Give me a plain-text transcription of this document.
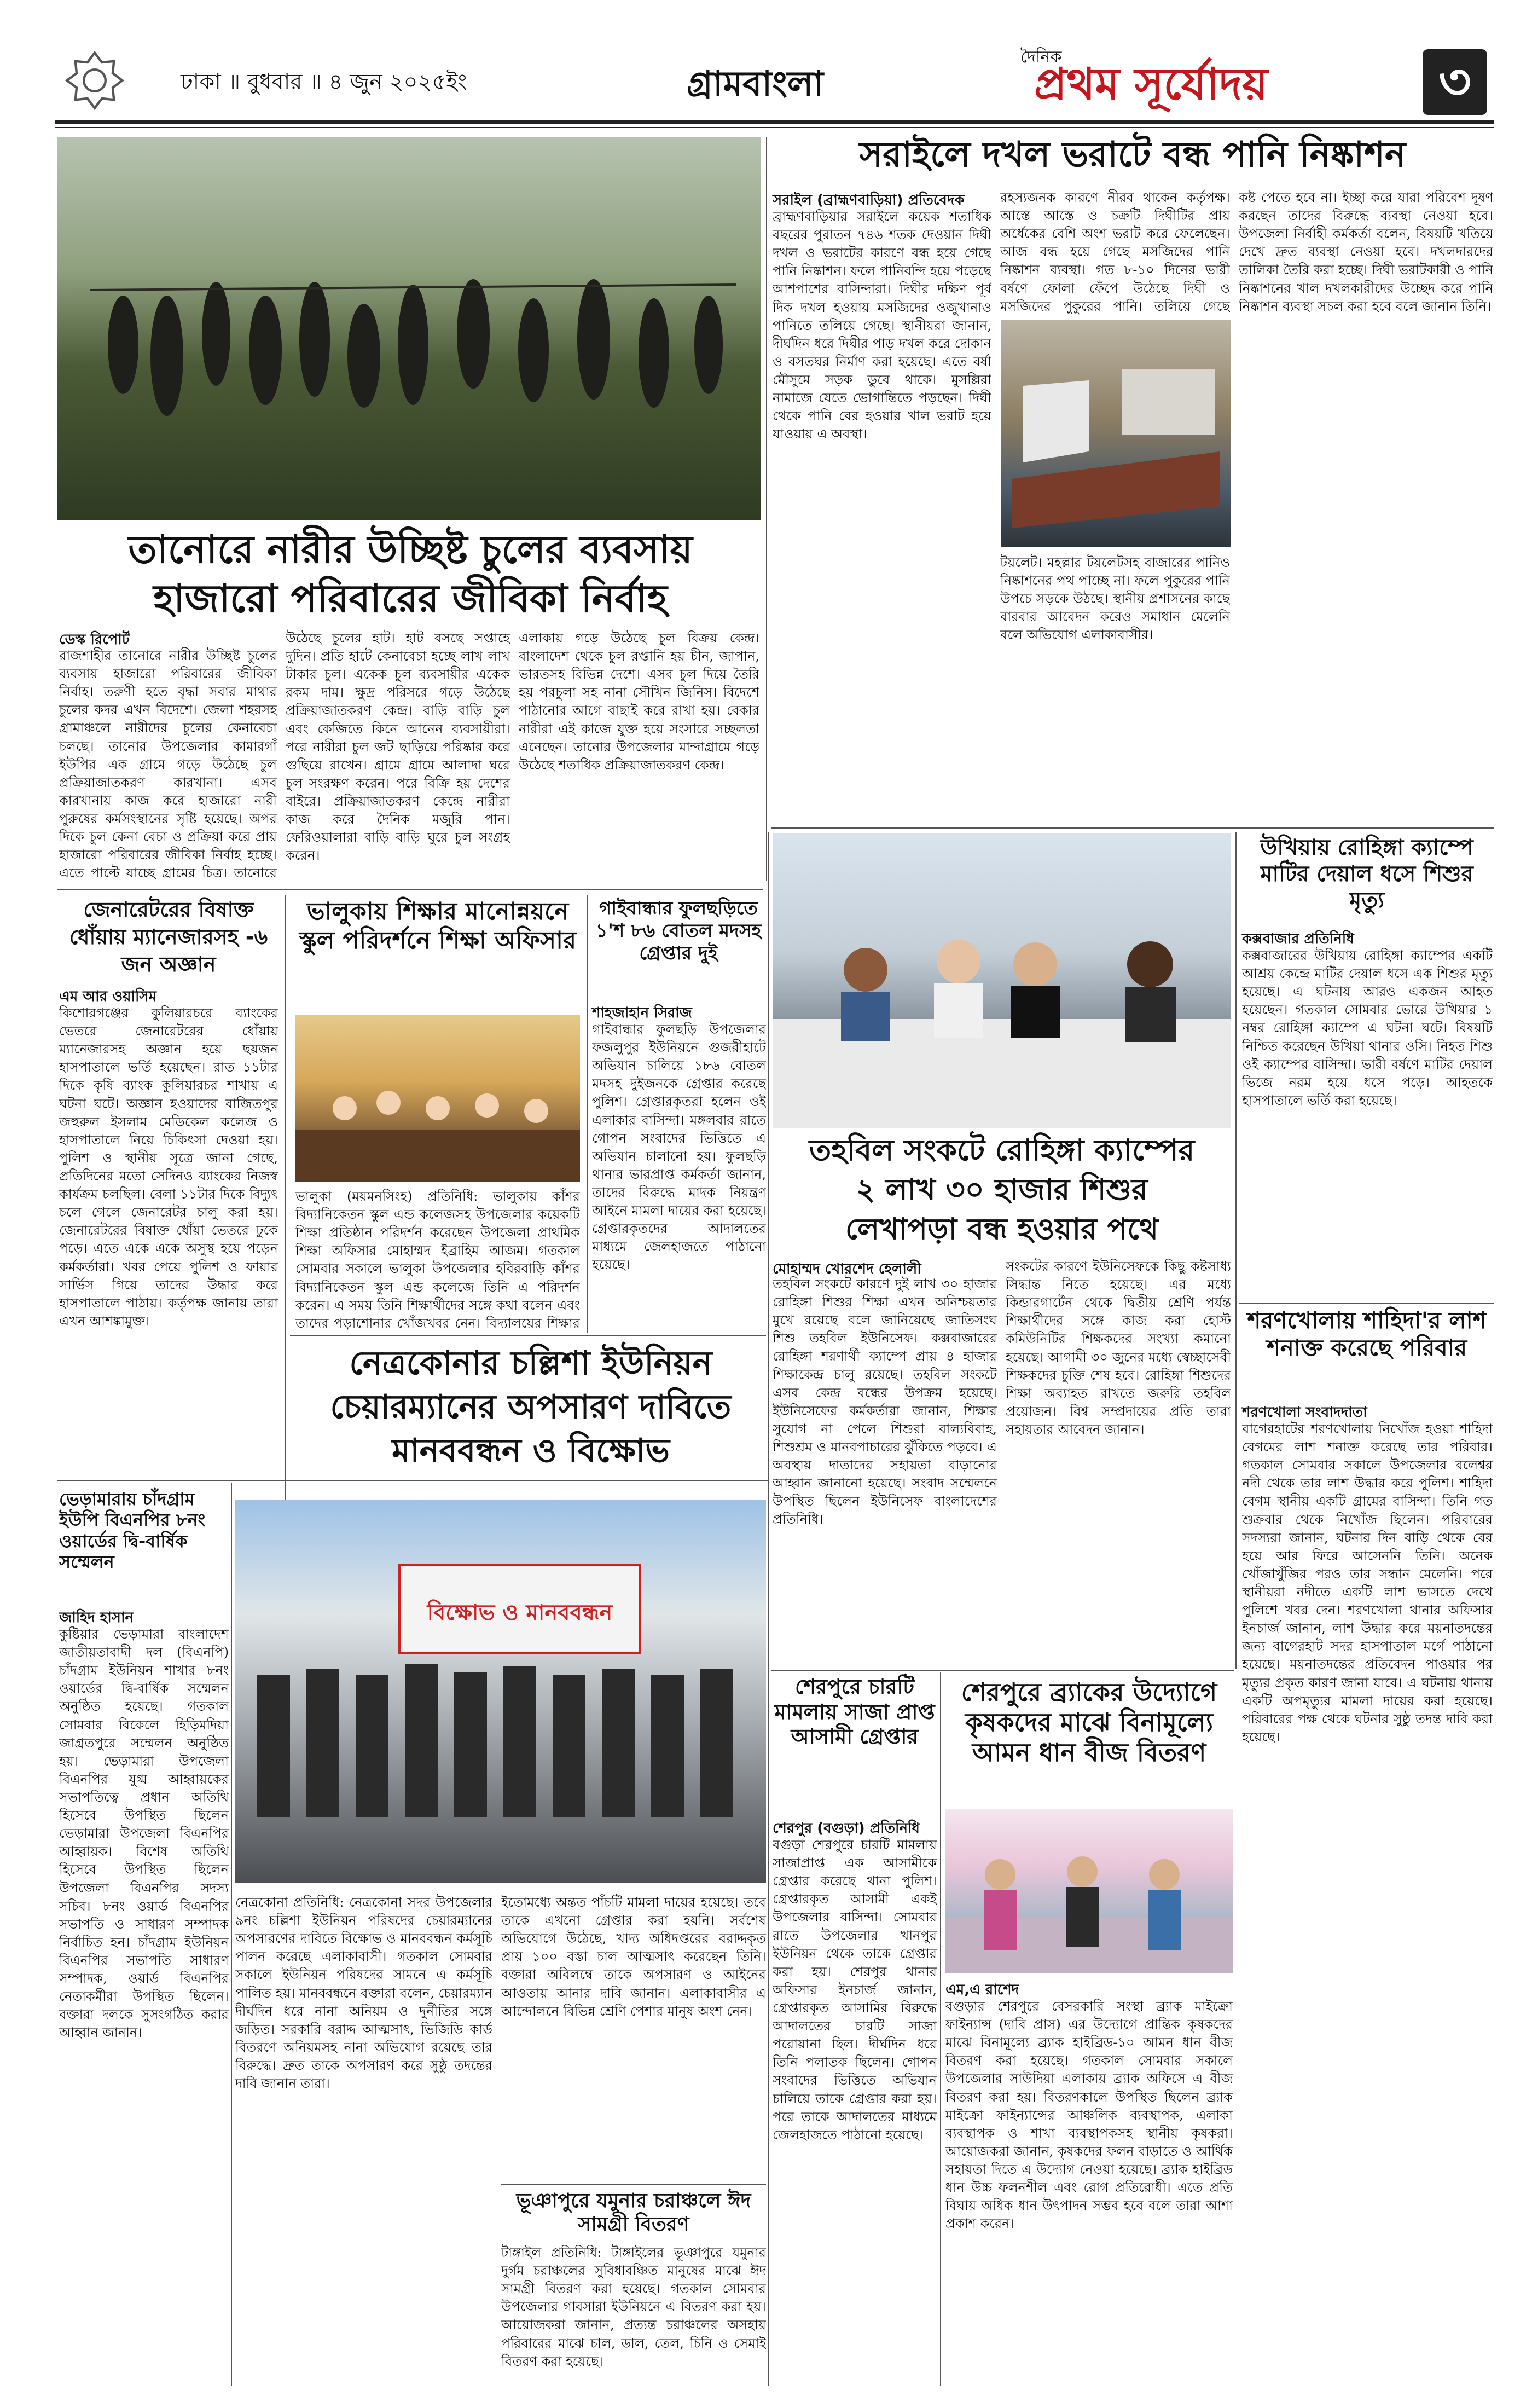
ঢাকা ॥ বুধবার ॥ ৪ জুন ২০২৫ইং	গ্রামবাংলা
দৈনিক
প্রথম সূর্যোদয়	৩
তানোরে নারীর উচ্ছিষ্ট চুলের ব্যবসায়
হাজারো পরিবারের জীবিকা নির্বাহ
ডেস্ক রিপোর্ট
রাজশাহীর তানোরে নারীর উচ্ছিষ্ট চুলের ব্যবসায় হাজারো পরিবারের জীবিকা নির্বাহ। তরুণী হতে বৃদ্ধা সবার মাথার চুলের কদর এখন বিদেশে। জেলা শহরসহ গ্রামাঞ্চলে নারীদের চুলের কেনাবেচা চলছে। তানোর উপজেলার কামারগাঁ ইউপির এক গ্রামে গড়ে উঠেছে চুল প্রক্রিয়াজাতকরণ কারখানা। এসব কারখানায় কাজ করে হাজারো নারী পুরুষের কর্মসংস্থানের সৃষ্টি হয়েছে। অপর দিকে চুল কেনা বেচা ও প্রক্রিয়া করে প্রায় হাজারো পরিবারের জীবিকা নির্বাহ হচ্ছে। এতে পাল্টে যাচ্ছে গ্রামের চিত্র। তানোরে
উঠেছে চুলের হাট। হাট বসছে সপ্তাহে দুদিন। প্রতি হাটে কেনাবেচা হচ্ছে লাখ লাখ টাকার চুল। একেক চুল ব্যবসায়ীর একেক রকম দাম। ক্ষুদ্র পরিসরে গড়ে উঠেছে প্রক্রিয়াজাতকরণ কেন্দ্র। বাড়ি বাড়ি চুল এবং কেজিতে কিনে আনেন ব্যবসায়ীরা। পরে নারীরা চুল জট ছাড়িয়ে পরিষ্কার করে গুছিয়ে রাখেন। গ্রামে গ্রামে আলাদা ঘরে চুল সংরক্ষণ করেন। পরে বিক্রি হয় দেশের বাইরে। প্রক্রিয়াজাতকরণ কেন্দ্রে নারীরা কাজ করে দৈনিক মজুরি পান। ফেরিওয়ালারা বাড়ি বাড়ি ঘুরে চুল সংগ্রহ করেন।
এলাকায় গড়ে উঠেছে চুল বিক্রয় কেন্দ্র। বাংলাদেশ থেকে চুল রপ্তানি হয় চীন, জাপান, ভারতসহ বিভিন্ন দেশে। এসব চুল দিয়ে তৈরি হয় পরচুলা সহ নানা সৌখিন জিনিস। বিদেশে পাঠানোর আগে বাছাই করে রাখা হয়। বেকার নারীরা এই কাজে যুক্ত হয়ে সংসারে সচ্ছলতা এনেছেন। তানোর উপজেলার মান্দাগ্রামে গড়ে উঠেছে শতাধিক প্রক্রিয়াজাতকরণ কেন্দ্র।
সরাইলে দখল ভরাটে বন্ধ পানি নিষ্কাশন
সরাইল (ব্রাহ্মণবাড়িয়া) প্রতিবেদক
ব্রাহ্মণবাড়িয়ার সরাইলে কয়েক শতাধিক বছরের পুরাতন ৭৪৬ শতক দেওয়ান দিঘী দখল ও ভরাটের কারণে বন্ধ হয়ে গেছে পানি নিষ্কাশন। ফলে পানিবন্দি হয়ে পড়েছে আশপাশের বাসিন্দারা। দিঘীর দক্ষিণ পূর্ব দিক দখল হওয়ায় মসজিদের ওজুখানাও পানিতে তলিয়ে গেছে। স্থানীয়রা জানান, দীর্ঘদিন ধরে দিঘীর পাড় দখল করে দোকান ও বসতঘর নির্মাণ করা হয়েছে। এতে বর্ষা মৌসুমে সড়ক ডুবে থাকে। মুসল্লিরা নামাজে যেতে ভোগান্তিতে পড়ছেন। দিঘী থেকে পানি বের হওয়ার খাল ভরাট হয়ে যাওয়ায় এ অবস্থা।
রহস্যজনক কারণে নীরব থাকেন কর্তৃপক্ষ। আস্তে আস্তে ও চক্রটি দিঘীটির প্রায় অর্ধেকের বেশি অংশ ভরাট করে ফেলেছেন। আজ বন্ধ হয়ে গেছে মসজিদের পানি নিষ্কাশন ব্যবস্থা। গত ৮-১০ দিনের ভারী বর্ষণে ফোলা ফেঁপে উঠেছে দিঘী ও মসজিদের পুকুরের পানি। তলিয়ে গেছে
টয়লেট। মহল্লার টয়লেটসহ বাজারের পানিও নিষ্কাশনের পথ পাচ্ছে না। ফলে পুকুরের পানি উপচে সড়কে উঠছে। স্থানীয় প্রশাসনের কাছে বারবার আবেদন করেও সমাধান মেলেনি বলে অভিযোগ এলাকাবাসীর।
কষ্ট পেতে হবে না। ইচ্ছা করে যারা পরিবেশ দূষণ করছেন তাদের বিরুদ্ধে ব্যবস্থা নেওয়া হবে। উপজেলা নির্বাহী কর্মকর্তা বলেন, বিষয়টি খতিয়ে দেখে দ্রুত ব্যবস্থা নেওয়া হবে। দখলদারদের তালিকা তৈরি করা হচ্ছে। দিঘী ভরাটকারী ও পানি নিষ্কাশনের খাল দখলকারীদের উচ্ছেদ করে পানি নিষ্কাশন ব্যবস্থা সচল করা হবে বলে জানান তিনি।
উখিয়ায় রোহিঙ্গা ক্যাম্পে মাটির দেয়াল ধসে শিশুর মৃত্যু
কক্সবাজার প্রতিনিধি
কক্সবাজারের উখিয়ায় রোহিঙ্গা ক্যাম্পের একটি আশ্রয় কেন্দ্রে মাটির দেয়াল ধসে এক শিশুর মৃত্যু হয়েছে। এ ঘটনায় আরও একজন আহত হয়েছেন। গতকাল সোমবার ভোরে উখিয়ার ১ নম্বর রোহিঙ্গা ক্যাম্পে এ ঘটনা ঘটে। বিষয়টি নিশ্চিত করেছেন উখিয়া থানার ওসি। নিহত শিশু ওই ক্যাম্পের বাসিন্দা। ভারী বর্ষণে মাটির দেয়াল ভিজে নরম হয়ে ধসে পড়ে। আহতকে হাসপাতালে ভর্তি করা হয়েছে।
শরণখোলায় শাহিদা'র লাশ শনাক্ত করেছে পরিবার
শরণখোলা সংবাদদাতা
বাগেরহাটের শরণখোলায় নিখোঁজ হওয়া শাহিদা বেগমের লাশ শনাক্ত করেছে তার পরিবার। গতকাল সোমবার সকালে উপজেলার বলেশ্বর নদী থেকে তার লাশ উদ্ধার করে পুলিশ। শাহিদা বেগম স্থানীয় একটি গ্রামের বাসিন্দা। তিনি গত শুক্রবার থেকে নিখোঁজ ছিলেন। পরিবারের সদস্যরা জানান, ঘটনার দিন বাড়ি থেকে বের হয়ে আর ফিরে আসেননি তিনি। অনেক খোঁজাখুঁজির পরও তার সন্ধান মেলেনি। পরে স্থানীয়রা নদীতে একটি লাশ ভাসতে দেখে পুলিশে খবর দেন। শরণখোলা থানার অফিসার ইনচার্জ জানান, লাশ উদ্ধার করে ময়নাতদন্তের জন্য বাগেরহাট সদর হাসপাতাল মর্গে পাঠানো হয়েছে। ময়নাতদন্তের প্রতিবেদন পাওয়ার পর মৃত্যুর প্রকৃত কারণ জানা যাবে। এ ঘটনায় থানায় একটি অপমৃত্যুর মামলা দায়ের করা হয়েছে। পরিবারের পক্ষ থেকে ঘটনার সুষ্ঠু তদন্ত দাবি করা হয়েছে।
জেনারেটরের বিষাক্ত
ধোঁয়ায় ম্যানেজারসহ -৬
জন অজ্ঞান
এম আর ওয়াসিম
কিশোরগঞ্জের কুলিয়ারচরে ব্যাংকের ভেতরে জেনারেটরের ধোঁয়ায় ম্যানেজারসহ অজ্ঞান হয়ে ছয়জন হাসপাতালে ভর্তি হয়েছেন। রাত ১১টার দিকে কৃষি ব্যাংক কুলিয়ারচর শাখায় এ ঘটনা ঘটে। অজ্ঞান হওয়াদের বাজিতপুর জহুরুল ইসলাম মেডিকেল কলেজ ও হাসপাতালে নিয়ে চিকিৎসা দেওয়া হয়। পুলিশ ও স্থানীয় সূত্রে জানা গেছে, প্রতিদিনের মতো সেদিনও ব্যাংকের নিজস্ব কার্যক্রম চলছিল। বেলা ১১টার দিকে বিদ্যুৎ চলে গেলে জেনারেটর চালু করা হয়। জেনারেটরের বিষাক্ত ধোঁয়া ভেতরে ঢুকে পড়ে। এতে একে একে অসুস্থ হয়ে পড়েন কর্মকর্তারা। খবর পেয়ে পুলিশ ও ফায়ার সার্ভিস গিয়ে তাদের উদ্ধার করে হাসপাতালে পাঠায়। কর্তৃপক্ষ জানায় তারা এখন আশঙ্কামুক্ত।
ভালুকায় শিক্ষার মানোন্নয়নে স্কুল পরিদর্শনে শিক্ষা অফিসার
গাইবান্ধার ফুলছড়িতে ১'শ ৮৬ বোতল মদসহ গ্রেপ্তার দুই
শাহজাহান সিরাজ
গাইবান্ধার ফুলছড়ি উপজেলার ফজলুপুর ইউনিয়নে গুজরীহাটে অভিযান চালিয়ে ১৮৬ বোতল মদসহ দুইজনকে গ্রেপ্তার করেছে পুলিশ। গ্রেপ্তারকৃতরা হলেন ওই এলাকার বাসিন্দা। মঙ্গলবার রাতে গোপন সংবাদের ভিত্তিতে এ অভিযান চালানো হয়। ফুলছড়ি থানার ভারপ্রাপ্ত কর্মকর্তা জানান, তাদের বিরুদ্ধে মাদক নিয়ন্ত্রণ আইনে মামলা দায়ের করা হয়েছে। গ্রেপ্তারকৃতদের আদালতের মাধ্যমে জেলহাজতে পাঠানো হয়েছে।
ভালুকা (ময়মনসিংহ) প্রতিনিধি: ভালুকায় কাঁশর বিদ্যানিকেতন স্কুল এন্ড কলেজসহ উপজেলার কয়েকটি শিক্ষা প্রতিষ্ঠান পরিদর্শন করেছেন উপজেলা প্রাথমিক শিক্ষা অফিসার মোহাম্মদ ইব্রাহিম আজম। গতকাল সোমবার সকালে ভালুকা উপজেলার হবিরবাড়ি কাঁশর বিদ্যানিকেতন স্কুল এন্ড কলেজে তিনি এ পরিদর্শন করেন। এ সময় তিনি শিক্ষার্থীদের সঙ্গে কথা বলেন এবং তাদের পড়াশোনার খোঁজখবর নেন। বিদ্যালয়ের শিক্ষার
তহবিল সংকটে রোহিঙ্গা ক্যাম্পের
২ লাখ ৩০ হাজার শিশুর
লেখাপড়া বন্ধ হওয়ার পথে
মোহাম্মদ খোরশেদ হেলালী
তহবিল সংকটে কারণে দুই লাখ ৩০ হাজার রোহিঙ্গা শিশুর শিক্ষা এখন অনিশ্চয়তার মুখে রয়েছে বলে জানিয়েছে জাতিসংঘ শিশু তহবিল ইউনিসেফ। কক্সবাজারের রোহিঙ্গা শরণার্থী ক্যাম্পে প্রায় ৪ হাজার শিক্ষাকেন্দ্র চালু রয়েছে। তহবিল সংকটে এসব কেন্দ্র বন্ধের উপক্রম হয়েছে। ইউনিসেফের কর্মকর্তারা জানান, শিক্ষার সুযোগ না পেলে শিশুরা বাল্যবিবাহ, শিশুশ্রম ও মানবপাচারের ঝুঁকিতে পড়বে। এ অবস্থায় দাতাদের সহায়তা বাড়ানোর আহ্বান জানানো হয়েছে। সংবাদ সম্মেলনে উপস্থিত ছিলেন ইউনিসেফ বাংলাদেশের প্রতিনিধি।
সংকটের কারণে ইউনিসেফকে কিছু কষ্টসাধ্য সিদ্ধান্ত নিতে হয়েছে। এর মধ্যে কিন্ডারগার্টেন থেকে দ্বিতীয় শ্রেণি পর্যন্ত শিক্ষার্থীদের সঙ্গে কাজ করা হোস্ট কমিউনিটির শিক্ষকদের সংখ্যা কমানো হয়েছে। আগামী ৩০ জুনের মধ্যে স্বেচ্ছাসেবী শিক্ষকদের চুক্তি শেষ হবে। রোহিঙ্গা শিশুদের শিক্ষা অব্যাহত রাখতে জরুরি তহবিল প্রয়োজন। বিশ্ব সম্প্রদায়ের প্রতি তারা সহায়তার আবেদন জানান।
নেত্রকোনার চল্লিশা ইউনিয়ন
চেয়ারম্যানের অপসারণ দাবিতে
মানববন্ধন ও বিক্ষোভ
বিক্ষোভ ও মানববন্ধন
ভেড়ামারায় চাঁদগ্রাম ইউপি বিএনপির ৮নং ওয়ার্ডের দ্বি-বার্ষিক সম্মেলন
জাহিদ হাসান
কুষ্টিয়ার ভেড়ামারা বাংলাদেশ জাতীয়তাবাদী দল (বিএনপি) চাঁদগ্রাম ইউনিয়ন শাখার ৮নং ওয়ার্ডের দ্বি-বার্ষিক সম্মেলন অনুষ্ঠিত হয়েছে। গতকাল সোমবার বিকেলে হিড়িমদিয়া জাগ্রতপুরে সম্মেলন অনুষ্ঠিত হয়। ভেড়ামারা উপজেলা বিএনপির যুগ্ম আহ্বায়কের সভাপতিত্বে প্রধান অতিথি হিসেবে উপস্থিত ছিলেন ভেড়ামারা উপজেলা বিএনপির আহ্বায়ক। বিশেষ অতিথি হিসেবে উপস্থিত ছিলেন উপজেলা বিএনপির সদস্য সচিব। ৮নং ওয়ার্ড বিএনপির সভাপতি ও সাধারণ সম্পাদক নির্বাচিত হন। চাঁদগ্রাম ইউনিয়ন বিএনপির সভাপতি সাধারণ সম্পাদক, ওয়ার্ড বিএনপির নেতাকর্মীরা উপস্থিত ছিলেন। বক্তারা দলকে সুসংগঠিত করার আহ্বান জানান।
নেত্রকোনা প্রতিনিধি: নেত্রকোনা সদর উপজেলার ৯নং চল্লিশা ইউনিয়ন পরিষদের চেয়ারম্যানের অপসারণের দাবিতে বিক্ষোভ ও মানববন্ধন কর্মসূচি পালন করেছে এলাকাবাসী। গতকাল সোমবার সকালে ইউনিয়ন পরিষদের সামনে এ কর্মসূচি পালিত হয়। মানববন্ধনে বক্তারা বলেন, চেয়ারম্যান দীর্ঘদিন ধরে নানা অনিয়ম ও দুর্নীতির সঙ্গে জড়িত। সরকারি বরাদ্দ আত্মসাৎ, ভিজিডি কার্ড বিতরণে অনিয়মসহ নানা অভিযোগ রয়েছে তার বিরুদ্ধে। দ্রুত তাকে অপসারণ করে সুষ্ঠু তদন্তের দাবি জানান তারা।
ইতোমধ্যে অন্তত পাঁচটি মামলা দায়ের হয়েছে। তবে তাকে এখনো গ্রেপ্তার করা হয়নি। সর্বশেষ অভিযোগে উঠেছে, খাদ্য অধিদপ্তরের বরাদ্দকৃত প্রায় ১০০ বস্তা চাল আত্মসাৎ করেছেন তিনি। বক্তারা অবিলম্বে তাকে অপসারণ ও আইনের আওতায় আনার দাবি জানান। এলাকাবাসীর এ আন্দোলনে বিভিন্ন শ্রেণি পেশার মানুষ অংশ নেন।
ভূঞাপুরে যমুনার চরাঞ্চলে ঈদ সামগ্রী বিতরণ
টাঙ্গাইল প্রতিনিধি: টাঙ্গাইলের ভূঞাপুরে যমুনার দুর্গম চরাঞ্চলের সুবিধাবঞ্চিত মানুষের মাঝে ঈদ সামগ্রী বিতরণ করা হয়েছে। গতকাল সোমবার উপজেলার গাবসারা ইউনিয়নে এ বিতরণ করা হয়। আয়োজকরা জানান, প্রত্যন্ত চরাঞ্চলের অসহায় পরিবারের মাঝে চাল, ডাল, তেল, চিনি ও সেমাই বিতরণ করা হয়েছে।
শেরপুরে চারটি মামলায় সাজা প্রাপ্ত আসামী গ্রেপ্তার
শেরপুর (বগুড়া) প্রতিনিধি
বগুড়া শেরপুরে চারটি মামলায় সাজাপ্রাপ্ত এক আসামীকে গ্রেপ্তার করেছে থানা পুলিশ। গ্রেপ্তারকৃত আসামী একই উপজেলার বাসিন্দা। সোমবার রাতে উপজেলার খানপুর ইউনিয়ন থেকে তাকে গ্রেপ্তার করা হয়। শেরপুর থানার অফিসার ইনচার্জ জানান, গ্রেপ্তারকৃত আসামির বিরুদ্ধে আদালতের চারটি সাজা পরোয়ানা ছিল। দীর্ঘদিন ধরে তিনি পলাতক ছিলেন। গোপন সংবাদের ভিত্তিতে অভিযান চালিয়ে তাকে গ্রেপ্তার করা হয়। পরে তাকে আদালতের মাধ্যমে জেলহাজতে পাঠানো হয়েছে।
শেরপুরে ব্র্যাকের উদ্যোগে কৃষকদের মাঝে বিনামূল্যে আমন ধান বীজ বিতরণ
এম,এ রাশেদ
বগুড়ার শেরপুরে বেসরকারি সংস্থা ব্র্যাক মাইক্রো ফাইন্যান্স (দাবি প্রাস) এর উদ্যোগে প্রান্তিক কৃষকদের মাঝে বিনামূল্যে ব্র্যাক হাইব্রিড-১০ আমন ধান বীজ বিতরণ করা হয়েছে। গতকাল সোমবার সকালে উপজেলার সাউদিয়া এলাকায় ব্র্যাক অফিসে এ বীজ বিতরণ করা হয়। বিতরণকালে উপস্থিত ছিলেন ব্র্যাক মাইক্রো ফাইন্যান্সের আঞ্চলিক ব্যবস্থাপক, এলাকা ব্যবস্থাপক ও শাখা ব্যবস্থাপকসহ স্থানীয় কৃষকরা। আয়োজকরা জানান, কৃষকদের ফলন বাড়াতে ও আর্থিক সহায়তা দিতে এ উদ্যোগ নেওয়া হয়েছে। ব্র্যাক হাইব্রিড ধান উচ্চ ফলনশীল এবং রোগ প্রতিরোধী। এতে প্রতি বিঘায় অধিক ধান উৎপাদন সম্ভব হবে বলে তারা আশা প্রকাশ করেন।
